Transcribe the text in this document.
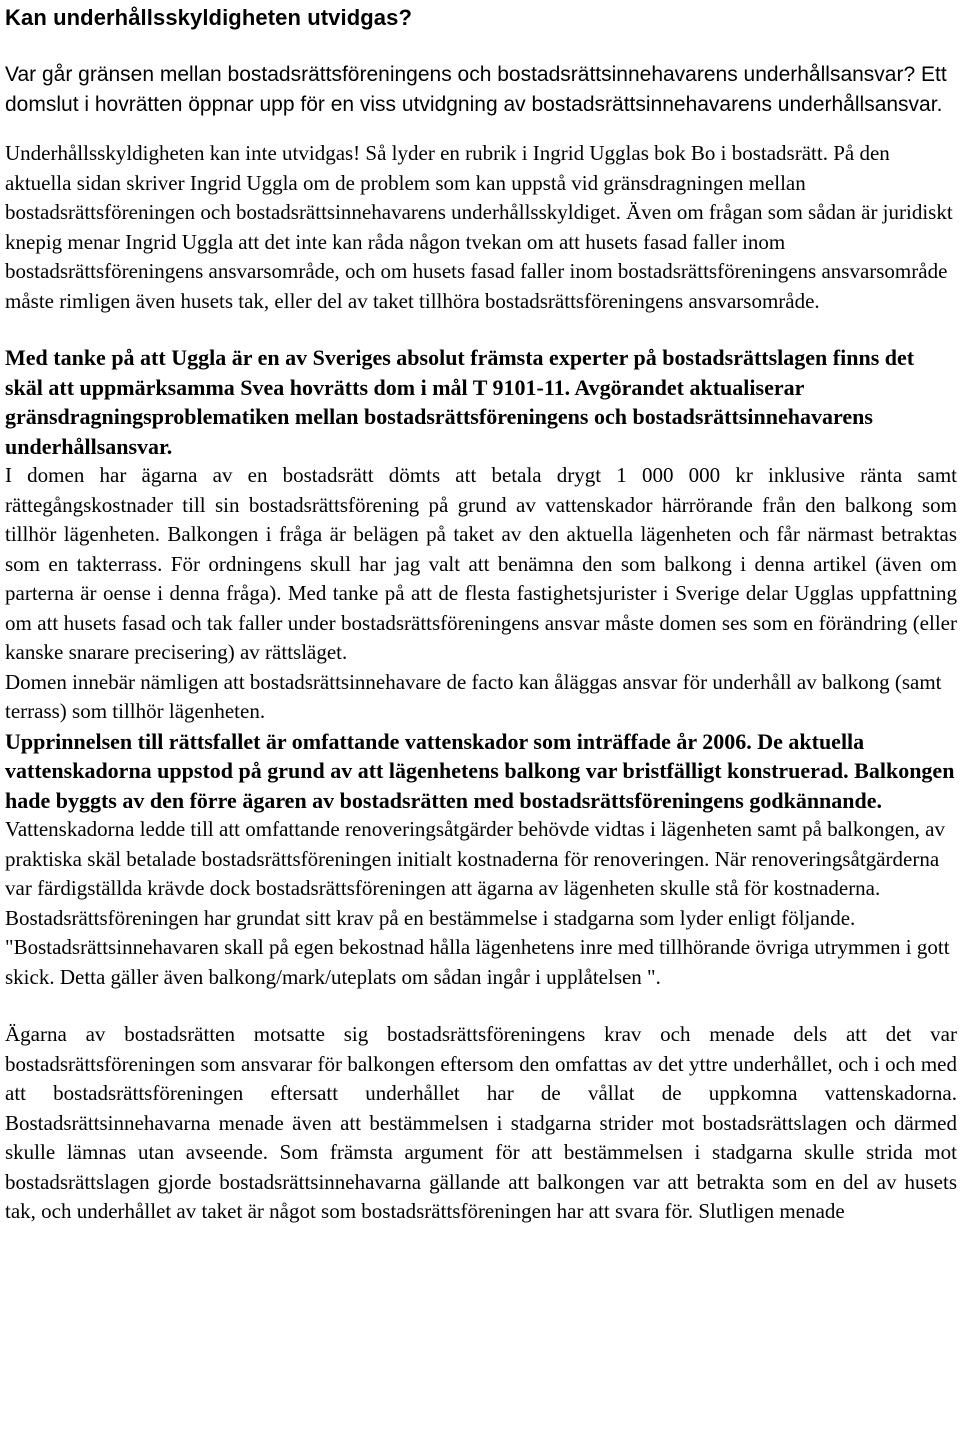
Kan underhållsskyldigheten utvidgas?

Var går gränsen mellan bostadsrättsföreningens och bostadsrättsinnehavarens underhållsansvar? Ett domslut i hovrätten öppnar upp för en viss utvidgning av bostadsrättsinnehavarens underhållsansvar.

Underhållsskyldigheten kan inte utvidgas! Så lyder en rubrik i Ingrid Ugglas bok Bo i bostadsrätt. På den aktuella sidan skriver Ingrid Uggla om de problem som kan uppstå vid gränsdragningen mellan bostadsrättsföreningen och bostadsrättsinnehavarens underhållsskyldiget. Även om frågan som sådan är juridiskt knepig menar Ingrid Uggla att det inte kan råda någon tvekan om att husets fasad faller inom bostadsrättsföreningens ansvarsområde, och om husets fasad faller inom bostadsrättsföreningens ansvarsområde måste rimligen även husets tak, eller del av taket tillhöra bostadsrättsföreningens ansvarsområde.

Med tanke på att Uggla är en av Sveriges absolut främsta experter på bostadsrättslagen finns det skäl att uppmärksamma Svea hovrätts dom i mål T 9101-11. Avgörandet aktualiserar gränsdragningsproblematiken mellan bostadsrättsföreningens och bostadsrättsinnehavarens underhållsansvar.

I domen har ägarna av en bostadsrätt dömts att betala drygt 1 000 000 kr inklusive ränta samt rättegångskostnader till sin bostadsrättsförening på grund av vattenskador härrörande från den balkong som tillhör lägenheten. Balkongen i fråga är belägen på taket av den aktuella lägenheten och får närmast betraktas som en takterrass. För ordningens skull har jag valt att benämna den som balkong i denna artikel (även om parterna är oense i denna fråga). Med tanke på att de flesta fastighetsjurister i Sverige delar Ugglas uppfattning om att husets fasad och tak faller under bostadsrättsföreningens ansvar måste domen ses som en förändring (eller kanske snarare precisering) av rättsläget.

Domen innebär nämligen att bostadsrättsinnehavare de facto kan åläggas ansvar för underhåll av balkong (samt terrass) som tillhör lägenheten.

Upprinnelsen till rättsfallet är omfattande vattenskador som inträffade år 2006. De aktuella vattenskadorna uppstod på grund av att lägenhetens balkong var bristfälligt konstruerad. Balkongen hade byggts av den förre ägaren av bostadsrätten med bostadsrättsföreningens godkännande.

Vattenskadorna ledde till att omfattande renoveringsåtgärder behövde vidtas i lägenheten samt på balkongen, av praktiska skäl betalade bostadsrättsföreningen initialt kostnaderna för renoveringen. När renoveringsåtgärderna var färdigställda krävde dock bostadsrättsföreningen att ägarna av lägenheten skulle stå för kostnaderna. Bostadsrättsföreningen har grundat sitt krav på en bestämmelse i stadgarna som lyder enligt följande.

"Bostadsrättsinnehavaren skall på egen bekostnad hålla lägenhetens inre med tillhörande övriga utrymmen i gott skick. Detta gäller även balkong/mark/uteplats om sådan ingår i upplåtelsen ".

Ägarna av bostadsrätten motsatte sig bostadsrättsföreningens krav och menade dels att det var bostadsrättsföreningen som ansvarar för balkongen eftersom den omfattas av det yttre underhållet, och i och med att bostadsrättsföreningen eftersatt underhållet har de vållat de uppkomna vattenskadorna. Bostadsrättsinnehavarna menade även att bestämmelsen i stadgarna strider mot bostadsrättslagen och därmed skulle lämnas utan avseende. Som främsta argument för att bestämmelsen i stadgarna skulle strida mot bostadsrättslagen gjorde bostadsrättsinnehavarna gällande att balkongen var att betrakta som en del av husets tak, och underhållet av taket är något som bostadsrättsföreningen har att svara för. Slutligen menade
